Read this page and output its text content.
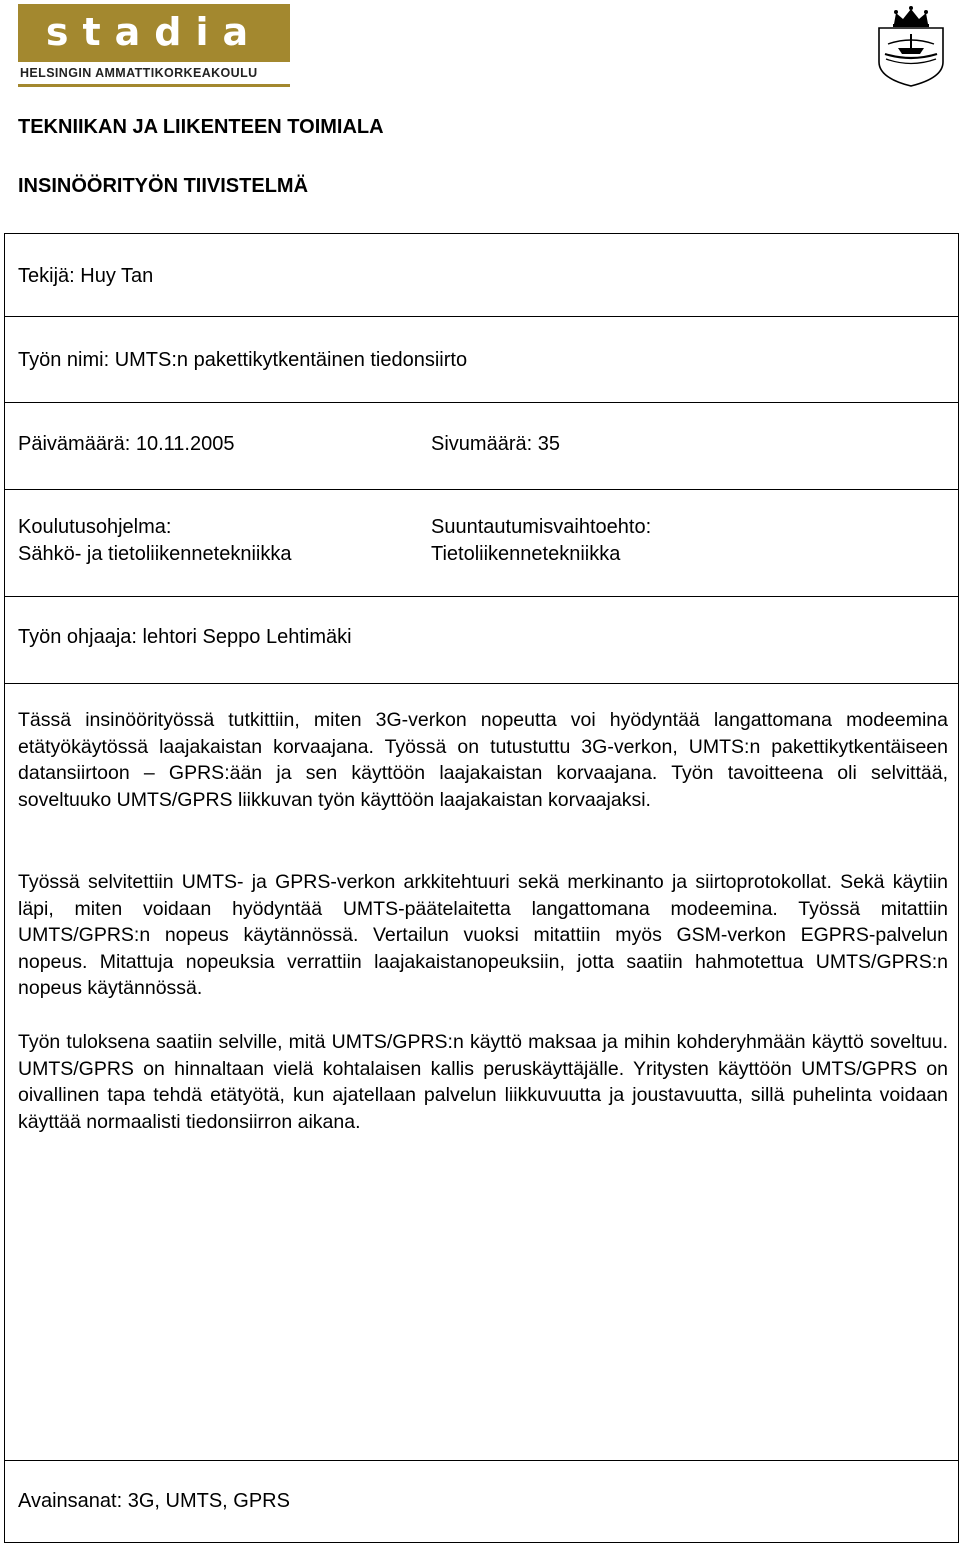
stadia
HELSINGIN AMMATTIKORKEAKOULU
TEKNIIKAN JA LIIKENTEEN TOIMIALA
INSINÖÖRITYÖN TIIVISTELMÄ
Tekijä: Huy Tan
Työn nimi: UMTS:n pakettikytkentäinen tiedonsiirto
Päivämäärä: 10.11.2005	Sivumäärä: 35
Koulutusohjelma:
Sähkö- ja tietoliikennetekniikka
Suuntautumisvaihtoehto:
Tietoliikennetekniikka
Työn ohjaaja: lehtori Seppo Lehtimäki

Tässä insinöörityössä tutkittiin, miten 3G-verkon nopeutta voi hyödyntää langattomana modeemina etätyökäytössä laajakaistan korvaajana. Työssä on tutustuttu 3G-verkon, UMTS:n pakettikytkentäiseen datansiirtoon – GPRS:ään ja sen käyttöön laajakaistan korvaajana. Työn tavoitteena oli selvittää, soveltuuko UMTS/GPRS liikkuvan työn käyttöön laajakaistan korvaajaksi.

Työssä selvitettiin UMTS- ja GPRS-verkon arkkitehtuuri sekä merkinanto ja siirtoprotokollat. Sekä käytiin läpi, miten voidaan hyödyntää UMTS-päätelaitetta langattomana modeemina. Työssä mitattiin UMTS/GPRS:n nopeus käytännössä. Vertailun vuoksi mitattiin myös GSM-verkon EGPRS-palvelun nopeus. Mitattuja nopeuksia verrattiin laajakaistanopeuksiin, jotta saatiin hahmotettua UMTS/GPRS:n nopeus käytännössä.

Työn tuloksena saatiin selville, mitä UMTS/GPRS:n käyttö maksaa ja mihin kohderyhmään käyttö soveltuu. UMTS/GPRS on hinnaltaan vielä kohtalaisen kallis peruskäyttäjälle. Yritysten käyttöön UMTS/GPRS on oivallinen tapa tehdä etätyötä, kun ajatellaan palvelun liikkuvuutta ja joustavuutta, sillä puhelinta voidaan käyttää normaalisti tiedonsiirron aikana.

Avainsanat: 3G, UMTS, GPRS
